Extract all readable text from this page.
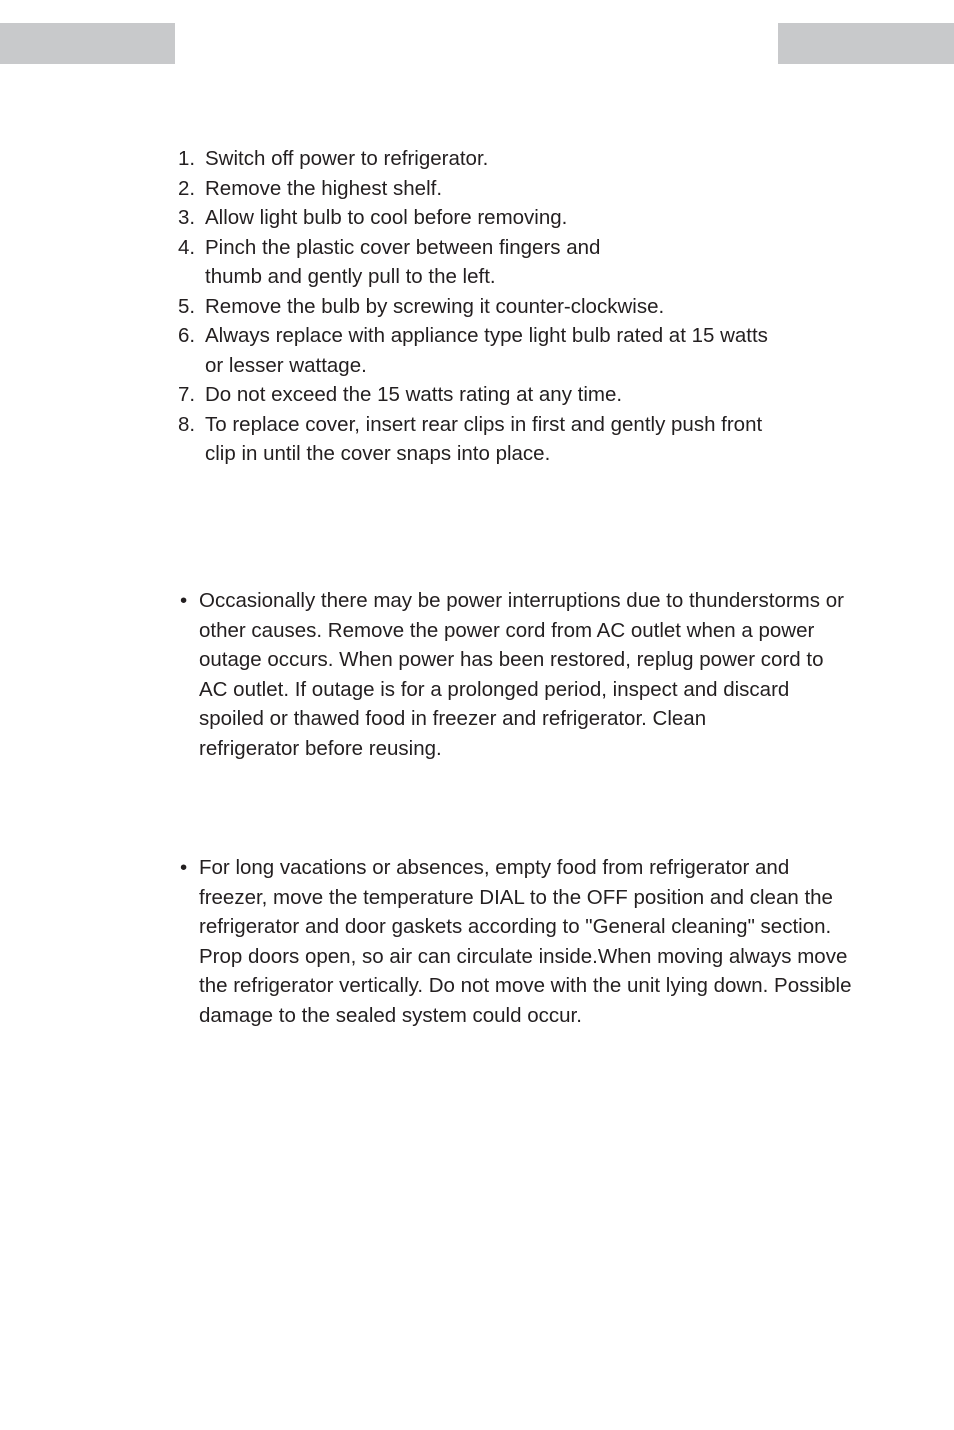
1. Switch off power to refrigerator.
2. Remove the highest shelf.
3. Allow light bulb to cool before removing.
4. Pinch the plastic cover between fingers and
thumb and gently pull to the left.
5. Remove the bulb by screwing it counter-clockwise.
6. Always replace with appliance type light bulb rated at 15 watts
or lesser wattage.
7. Do not exceed the 15 watts rating at any time.
8. To replace cover, insert rear clips in first and gently push front
clip in until the cover snaps into place.

• Occasionally there may be power interruptions due to thunderstorms or
other causes. Remove the power cord from AC outlet when a power
outage occurs. When power has been restored, replug power cord to
AC outlet. If outage is for a prolonged period, inspect and discard
spoiled or thawed food in freezer and refrigerator. Clean
refrigerator before reusing.

• For long vacations or absences, empty food from refrigerator and
freezer, move the temperature DIAL to the OFF position and clean the
refrigerator and door gaskets according to "General cleaning" section.
Prop doors open, so air can circulate inside.When moving always move
the refrigerator vertically. Do not move with the unit lying down. Possible
damage to the sealed system could occur.
